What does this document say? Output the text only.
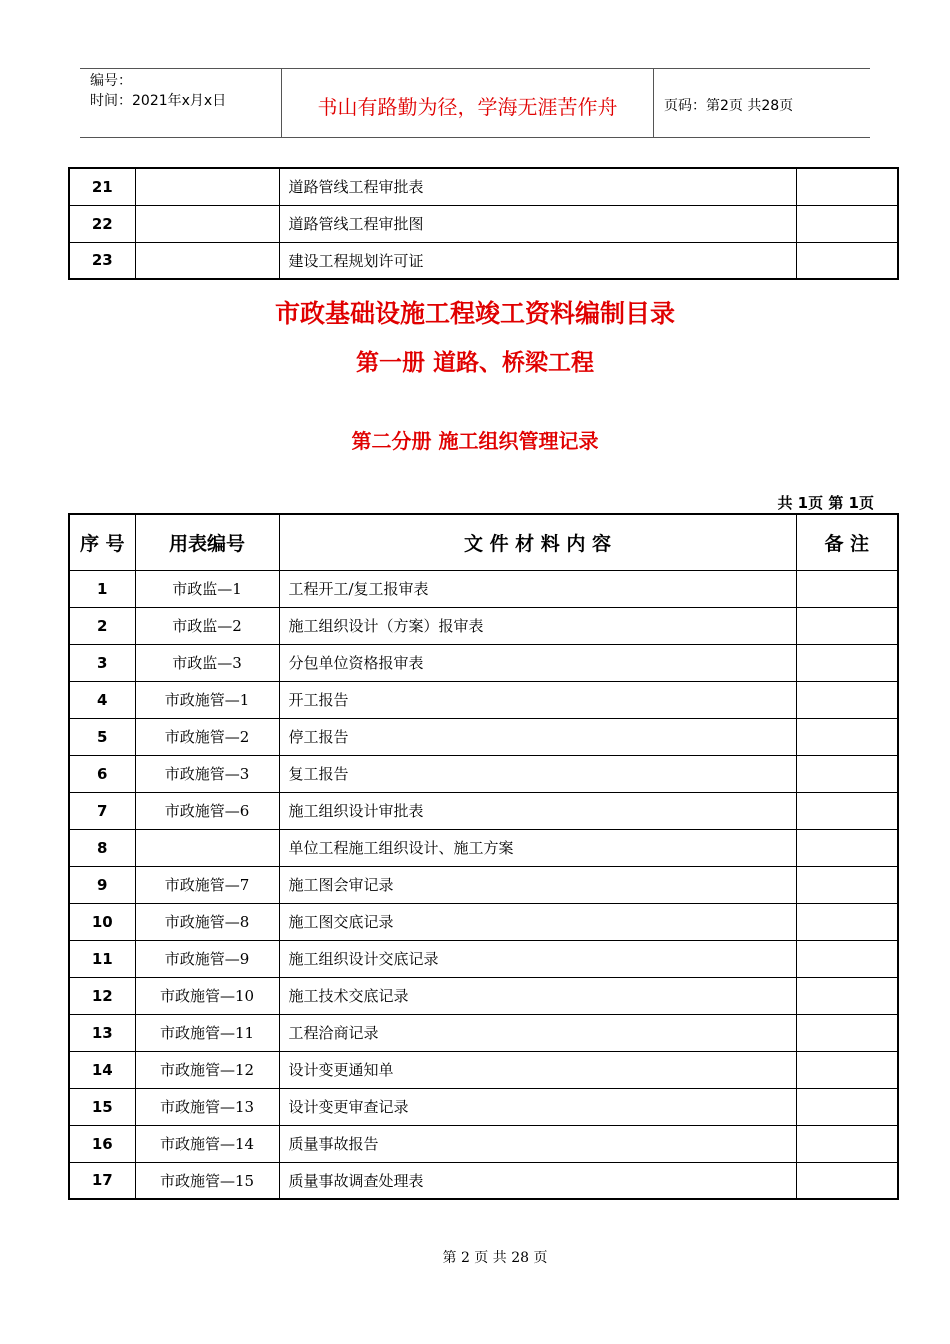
编号：
时间：2021年x月x日	书山有路勤为径，学海无涯苦作舟	页码：第2页 共28页
21		道路管线工程审批表	
22		道路管线工程审批图	
23		建设工程规划许可证	
市政基础设施工程竣工资料编制目录
第一册 道路、桥梁工程
第二分册 施工组织管理记录
共 1页 第 1页
序 号	用表编号	文 件 材 料 内 容	备 注
1	市政监—1	工程开工/复工报审表	
2	市政监—2	施工组织设计（方案）报审表	
3	市政监—3	分包单位资格报审表	
4	市政施管—1	开工报告	
5	市政施管—2	停工报告	
6	市政施管—3	复工报告	
7	市政施管—6	施工组织设计审批表	
8		单位工程施工组织设计、施工方案	
9	市政施管—7	施工图会审记录	
10	市政施管—8	施工图交底记录	
11	市政施管—9	施工组织设计交底记录	
12	市政施管—10	施工技术交底记录	
13	市政施管—11	工程洽商记录	
14	市政施管—12	设计变更通知单	
15	市政施管—13	设计变更审查记录	
16	市政施管—14	质量事故报告	
17	市政施管—15	质量事故调查处理表	
第 2 页 共 28 页
